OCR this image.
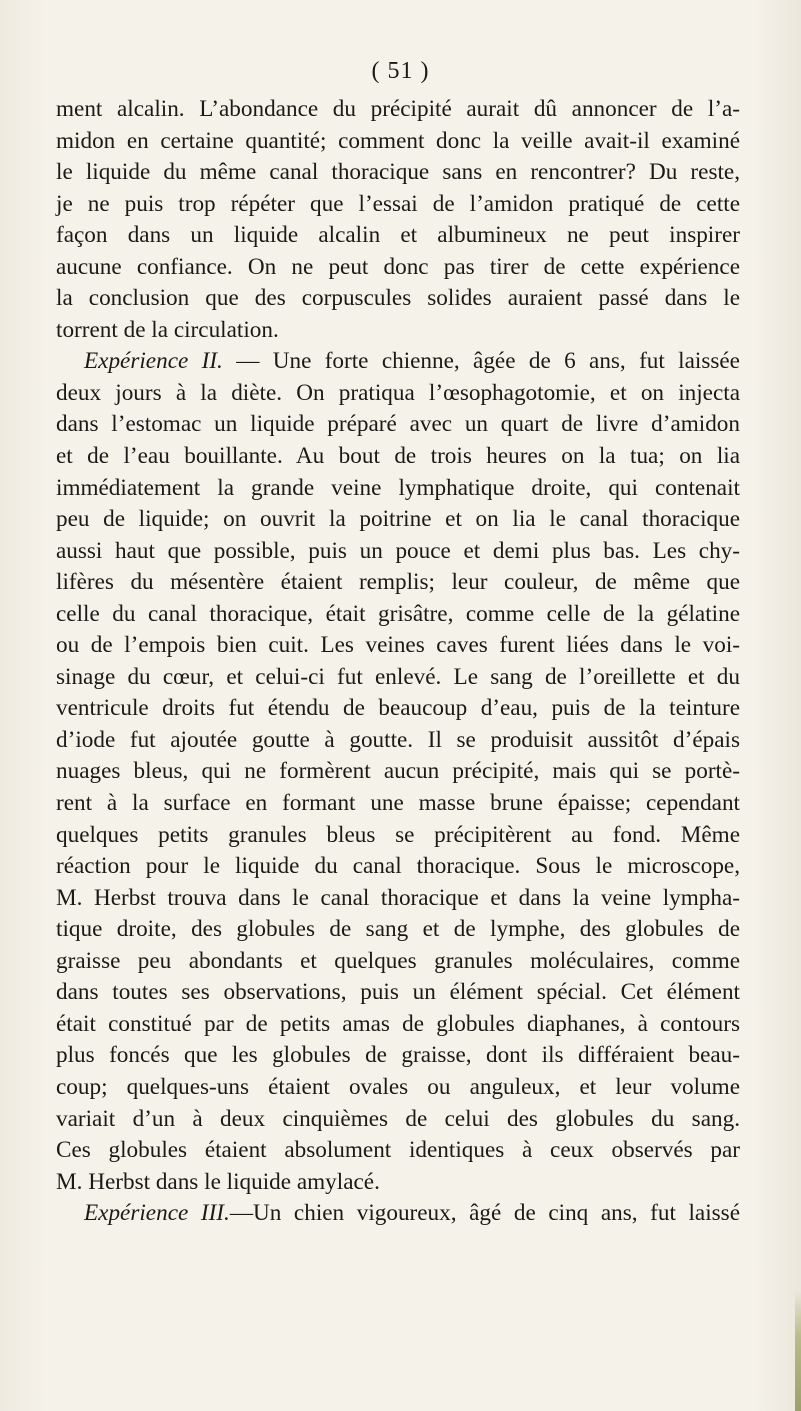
( 51 )
ment alcalin. L’abondance du précipité aurait dû annoncer de l’a-
midon en certaine quantité; comment donc la veille avait-il examiné
le liquide du même canal thoracique sans en rencontrer? Du reste,
je ne puis trop répéter que l’essai de l’amidon pratiqué de cette
façon dans un liquide alcalin et albumineux ne peut inspirer
aucune confiance. On ne peut donc pas tirer de cette expérience
la conclusion que des corpuscules solides auraient passé dans le
torrent de la circulation.
Expérience II. — Une forte chienne, âgée de 6 ans, fut laissée
deux jours à la diète. On pratiqua l’œsophagotomie, et on injecta
dans l’estomac un liquide préparé avec un quart de livre d’amidon
et de l’eau bouillante. Au bout de trois heures on la tua; on lia
immédiatement la grande veine lymphatique droite, qui contenait
peu de liquide; on ouvrit la poitrine et on lia le canal thoracique
aussi haut que possible, puis un pouce et demi plus bas. Les chy-
lifères du mésentère étaient remplis; leur couleur, de même que
celle du canal thoracique, était grisâtre, comme celle de la gélatine
ou de l’empois bien cuit. Les veines caves furent liées dans le voi-
sinage du cœur, et celui-ci fut enlevé. Le sang de l’oreillette et du
ventricule droits fut étendu de beaucoup d’eau, puis de la teinture
d’iode fut ajoutée goutte à goutte. Il se produisit aussitôt d’épais
nuages bleus, qui ne formèrent aucun précipité, mais qui se portè-
rent à la surface en formant une masse brune épaisse; cependant
quelques petits granules bleus se précipitèrent au fond. Même
réaction pour le liquide du canal thoracique. Sous le microscope,
M. Herbst trouva dans le canal thoracique et dans la veine lympha-
tique droite, des globules de sang et de lymphe, des globules de
graisse peu abondants et quelques granules moléculaires, comme
dans toutes ses observations, puis un élément spécial. Cet élément
était constitué par de petits amas de globules diaphanes, à contours
plus foncés que les globules de graisse, dont ils différaient beau-
coup; quelques-uns étaient ovales ou anguleux, et leur volume
variait d’un à deux cinquièmes de celui des globules du sang.
Ces globules étaient absolument identiques à ceux observés par
M. Herbst dans le liquide amylacé.
Expérience III.—Un chien vigoureux, âgé de cinq ans, fut laissé
